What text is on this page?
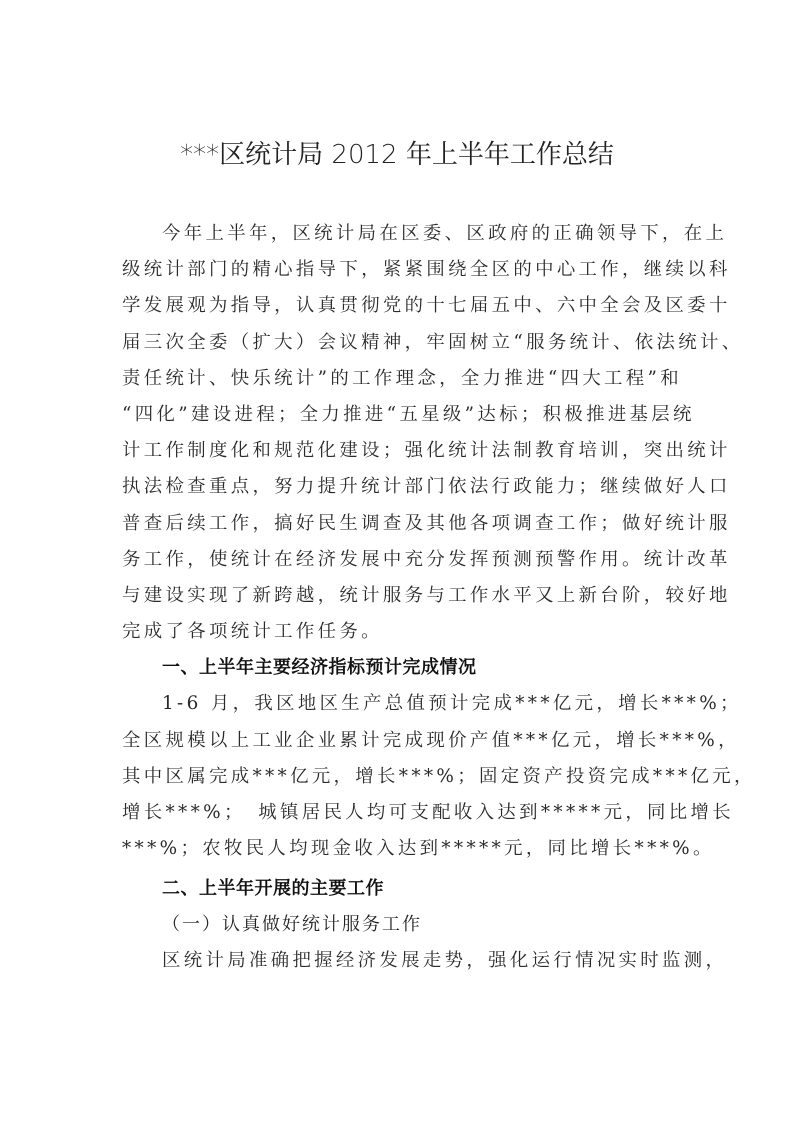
***区统计局 2012 年上半年工作总结
今年上半年，区统计局在区委、区政府的正确领导下，在上
级统计部门的精心指导下，紧紧围绕全区的中心工作，继续以科
学发展观为指导，认真贯彻党的十七届五中、六中全会及区委十
届三次全委（扩大）会议精神，牢固树立“服务统计、依法统计、
责任统计、快乐统计”的工作理念，全力推进“四大工程”和
“四化”建设进程；全力推进“五星级”达标；积极推进基层统
计工作制度化和规范化建设；强化统计法制教育培训，突出统计
执法检查重点，努力提升统计部门依法行政能力；继续做好人口
普查后续工作，搞好民生调查及其他各项调查工作；做好统计服
务工作，使统计在经济发展中充分发挥预测预警作用。统计改革
与建设实现了新跨越，统计服务与工作水平又上新台阶，较好地
完成了各项统计工作任务。
一、上半年主要经济指标预计完成情况
1-6 月，我区地区生产总值预计完成***亿元，增长***%；
全区规模以上工业企业累计完成现价产值***亿元，增长***%，
其中区属完成***亿元，增长***%；固定资产投资完成***亿元，
增长***%；　城镇居民人均可支配收入达到*****元，同比增长
***%；农牧民人均现金收入达到*****元，同比增长***%。
二、上半年开展的主要工作
（一）认真做好统计服务工作
区统计局准确把握经济发展走势，强化运行情况实时监测，
